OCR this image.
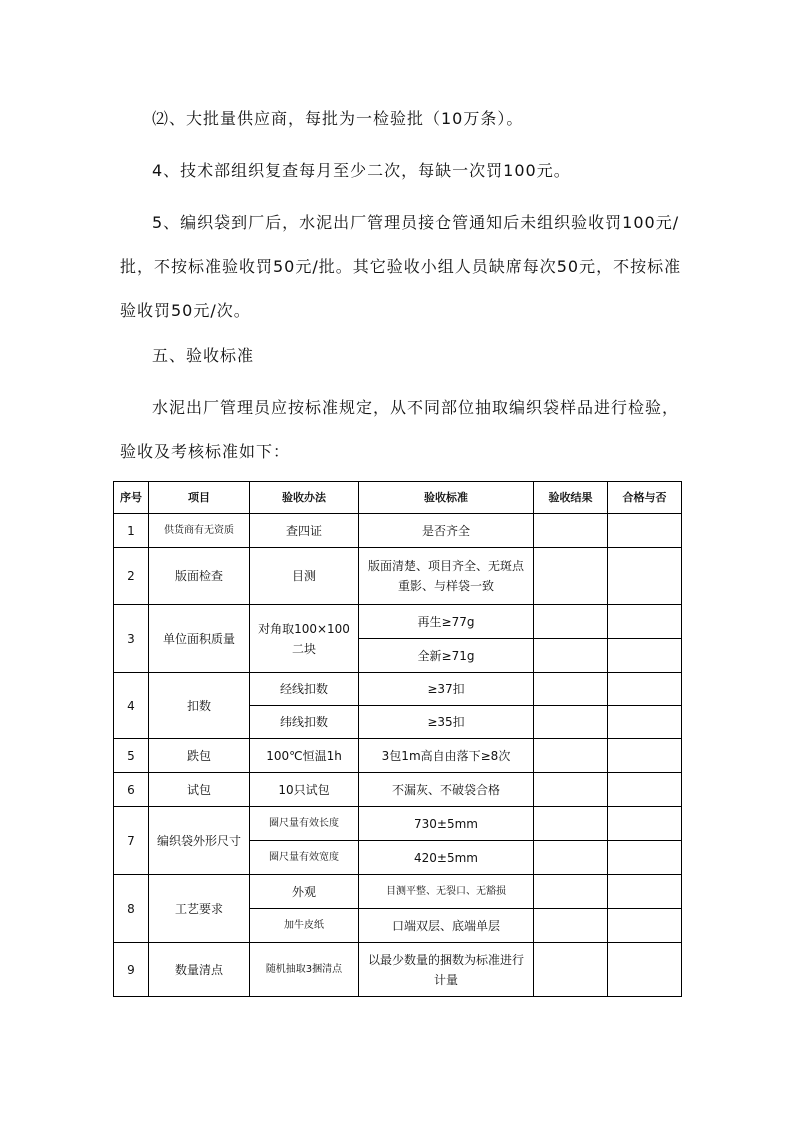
⑵、大批量供应商，每批为一检验批（10万条）。

4、技术部组织复查每月至少二次，每缺一次罚100元。

5、编织袋到厂后，水泥出厂管理员接仓管通知后未组织验收罚100元/批，不按标准验收罚50元/批。其它验收小组人员缺席每次50元，不按标准验收罚50元/次。

五、验收标准

水泥出厂管理员应按标准规定，从不同部位抽取编织袋样品进行检验，验收及考核标准如下：

序号	项目	验收办法	验收标准	验收结果	合格与否
1	供货商有无资质	查四证	是否齐全		
2	版面检查	目测	版面清楚、项目齐全、无斑点重影、与样袋一致		
3	单位面积质量	对角取100×100二块	再生≥77g		
			全新≥71g		
4	扣数	经线扣数	≥37扣		
		纬线扣数	≥35扣		
5	跌包	100℃恒温1h	3包1m高自由落下≥8次		
6	试包	10只试包	不漏灰、不破袋合格		
7	编织袋外形尺寸	圈尺量有效长度	730±5mm		
		圈尺量有效宽度	420±5mm		
8	工艺要求	外观	目测平整、无裂口、无豁损		
		加牛皮纸	口端双层、底端单层		
9	数量清点	随机抽取3捆清点	以最少数量的捆数为标准进行计量		
